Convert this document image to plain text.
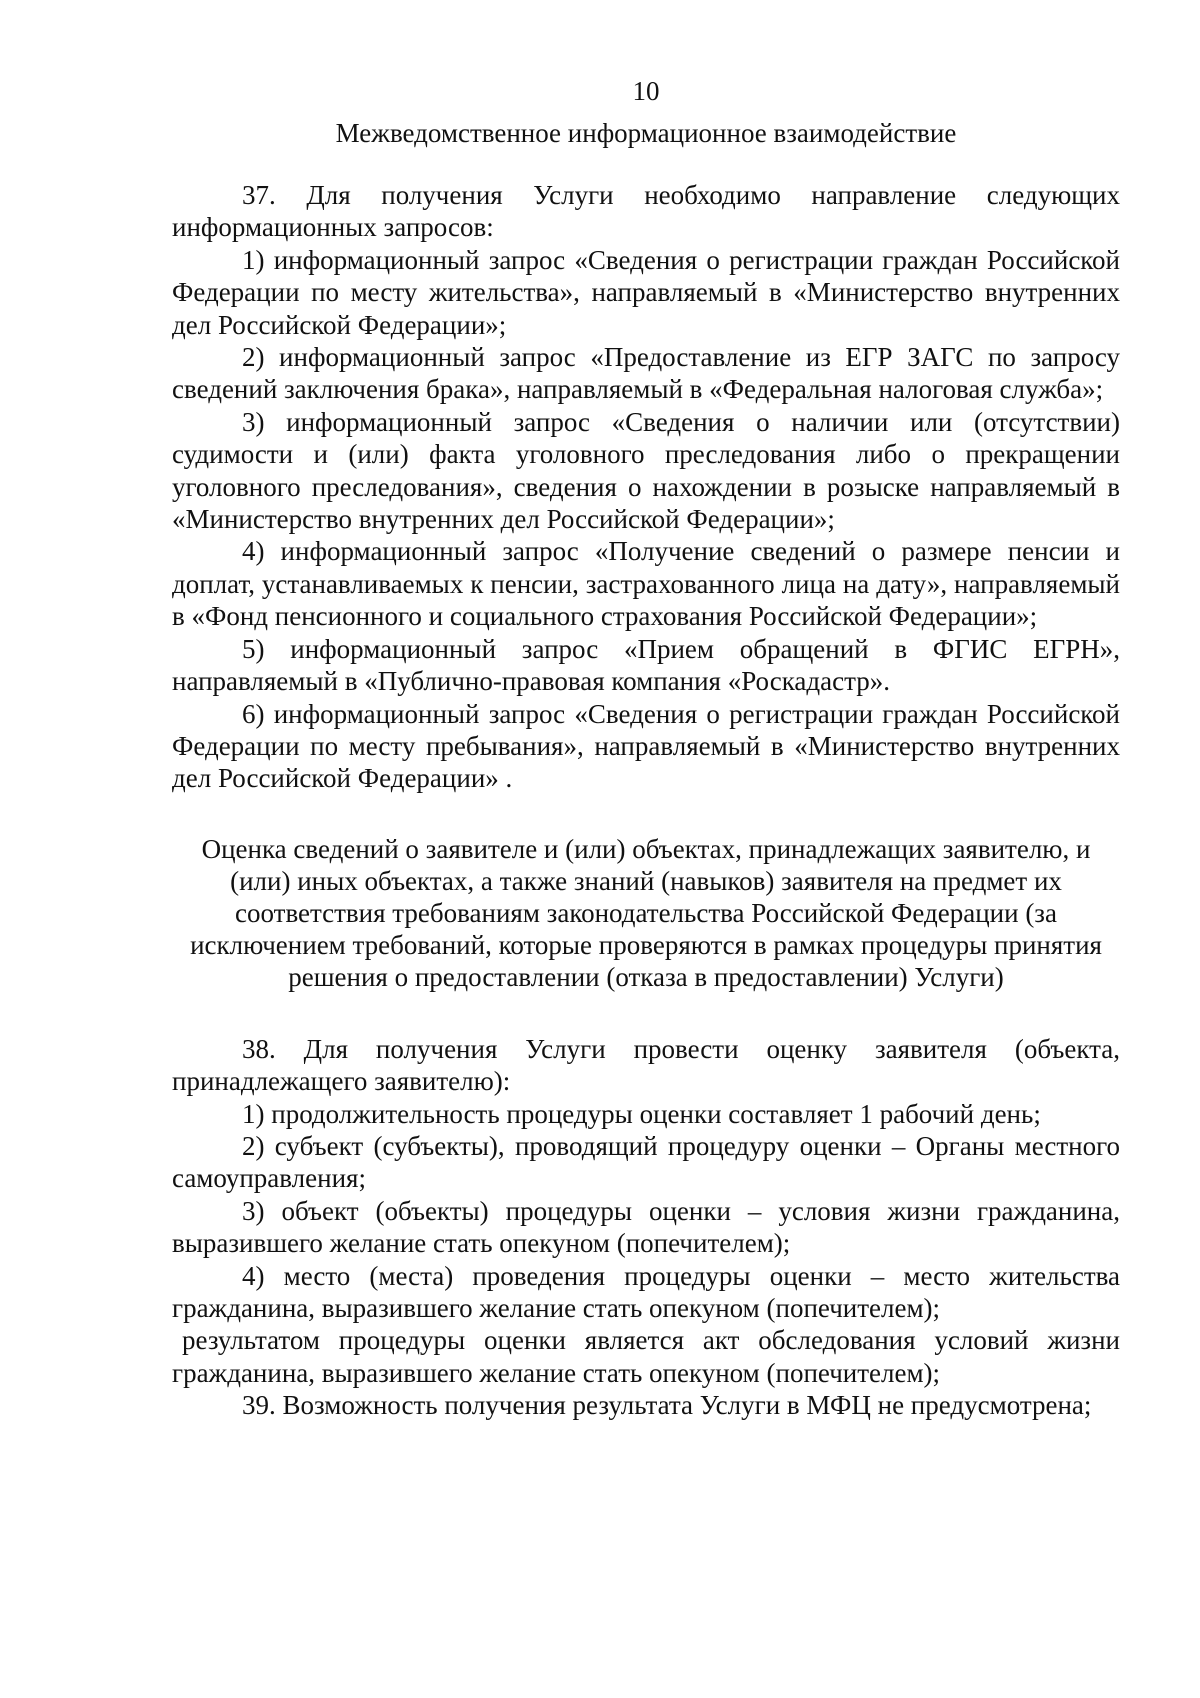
10
Межведомственное информационное взаимодействие

37. Для получения Услуги необходимо направление следующих информационных запросов:

1) информационный запрос «Сведения о регистрации граждан Российской Федерации по месту жительства», направляемый в «Министерство внутренних дел Российской Федерации»;

2) информационный запрос «Предоставление из ЕГР ЗАГС по запросу сведений заключения брака», направляемый в «Федеральная налоговая служба»;

3) информационный запрос «Сведения о наличии или (отсутствии) судимости и (или) факта уголовного преследования либо о прекращении уголовного преследования», сведения о нахождении в розыске направляемый в «Министерство внутренних дел Российской Федерации»;

4) информационный запрос «Получение сведений о размере пенсии и доплат, устанавливаемых к пенсии, застрахованного лица на дату», направляемый в «Фонд пенсионного и социального страхования Российской Федерации»;

5) информационный запрос «Прием обращений в ФГИС ЕГРН», направляемый в «Публично-правовая компания «Роскадастр».

6) информационный запрос «Сведения о регистрации граждан Российской Федерации по месту пребывания», направляемый в «Министерство внутренних дел Российской Федерации» .

Оценка сведений о заявителе и (или) объектах, принадлежащих заявителю, и (или) иных объектах, а также знаний (навыков) заявителя на предмет их соответствия требованиям законодательства Российской Федерации (за исключением требований, которые проверяются в рамках процедуры принятия решения о предоставлении (отказа в предоставлении) Услуги)

38. Для получения Услуги провести оценку заявителя (объекта, принадлежащего заявителю):

1) продолжительность процедуры оценки составляет 1 рабочий день;

2) субъект (субъекты), проводящий процедуру оценки – Органы местного самоуправления;

3) объект (объекты) процедуры оценки – условия жизни гражданина, выразившего желание стать опекуном (попечителем);

4) место (места) проведения процедуры оценки – место жительства гражданина, выразившего желание стать опекуном (попечителем);

результатом процедуры оценки является акт обследования условий жизни гражданина, выразившего желание стать опекуном (попечителем);

39. Возможность получения результата Услуги в МФЦ не предусмотрена;
